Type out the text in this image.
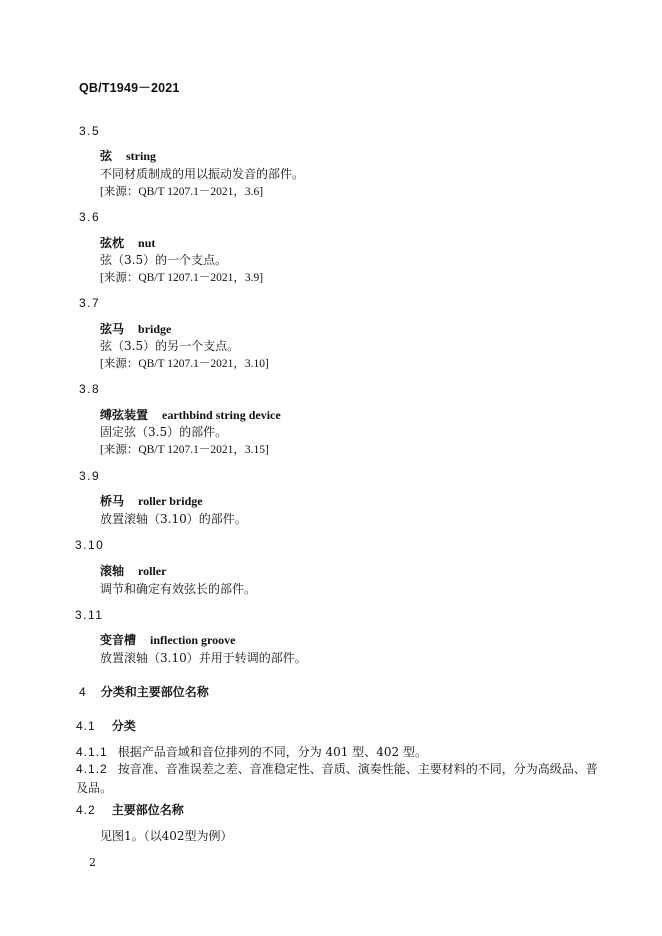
QB/T1949－2021
3.5
弦 string
不同材质制成的用以振动发音的部件。
[来源：QB/T 1207.1－2021，3.6]
3.6
弦枕 nut
弦（3.5）的一个支点。
[来源：QB/T 1207.1－2021，3.9]
3.7
弦马 bridge
弦（3.5）的另一个支点。
[来源：QB/T 1207.1－2021，3.10]
3.8
缚弦装置 earthbind string device
固定弦（3.5）的部件。
[来源：QB/T 1207.1－2021，3.15]
3.9
桥马 roller bridge
放置滚轴（3.10）的部件。
3.10
滚轴 roller
调节和确定有效弦长的部件。
3.11
变音槽 inflection groove
放置滚轴（3.10）并用于转调的部件。
4 分类和主要部位名称
4.1 分类
4.1.1 根据产品音域和音位排列的不同，分为 401 型、402 型。
4.1.2 按音准、音准误差之差、音准稳定性、音质、演奏性能、主要材料的不同，分为高级品、普及品。
4.2 主要部位名称
见图1。（以402型为例）
2
